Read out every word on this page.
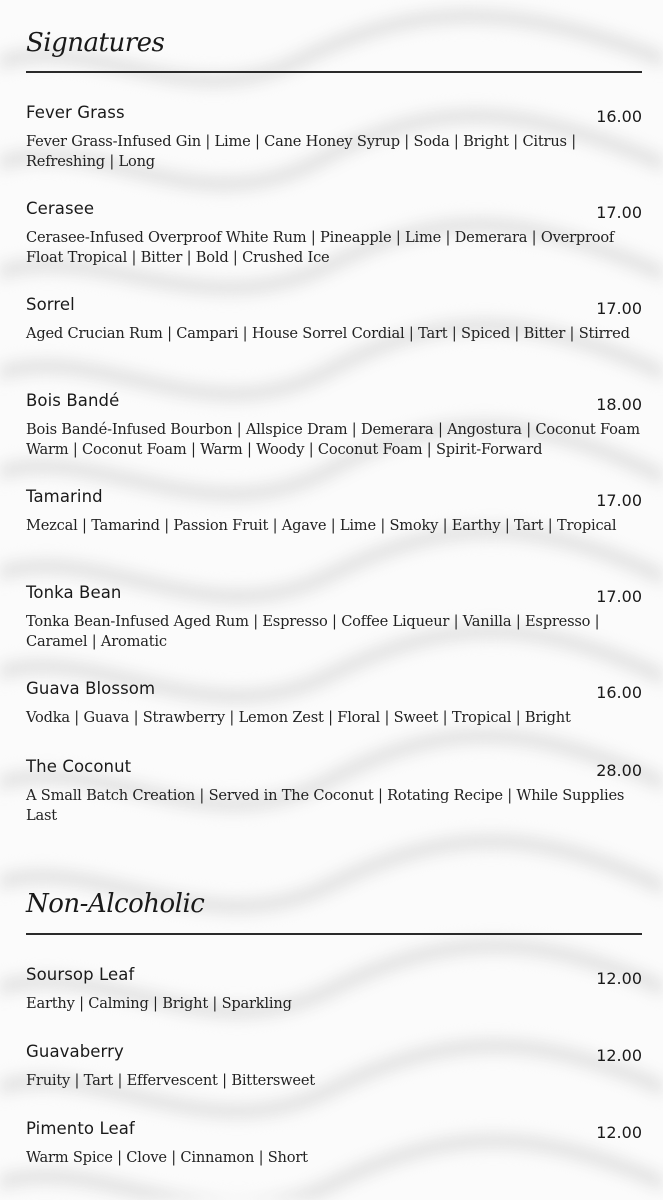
Signatures
Fever Grass	16.00

Fever Grass-Infused Gin | Lime | Cane Honey Syrup | Soda | Bright | Citrus | Refreshing | Long

Cerasee	17.00

Cerasee-Infused Overproof White Rum | Pineapple | Lime | Demerara | Overproof Float Tropical | Bitter | Bold | Crushed Ice

Sorrel	17.00

Aged Crucian Rum | Campari | House Sorrel Cordial | Tart | Spiced | Bitter | Stirred

Bois Bandé	18.00

Bois Bandé-Infused Bourbon | Allspice Dram | Demerara | Angostura | Coconut Foam Warm | Coconut Foam | Warm | Woody | Coconut Foam | Spirit-Forward

Tamarind	17.00

Mezcal | Tamarind | Passion Fruit | Agave | Lime | Smoky | Earthy | Tart | Tropical

Tonka Bean	17.00

Tonka Bean-Infused Aged Rum | Espresso | Coffee Liqueur | Vanilla | Espresso | Caramel | Aromatic

Guava Blossom	16.00

Vodka | Guava | Strawberry | Lemon Zest | Floral | Sweet | Tropical | Bright

The Coconut	28.00

A Small Batch Creation | Served in The Coconut | Rotating Recipe | While Supplies Last

Non-Alcoholic
Soursop Leaf	12.00

Earthy | Calming | Bright | Sparkling

Guavaberry	12.00

Fruity | Tart | Effervescent | Bittersweet

Pimento Leaf	12.00

Warm Spice | Clove | Cinnamon | Short
